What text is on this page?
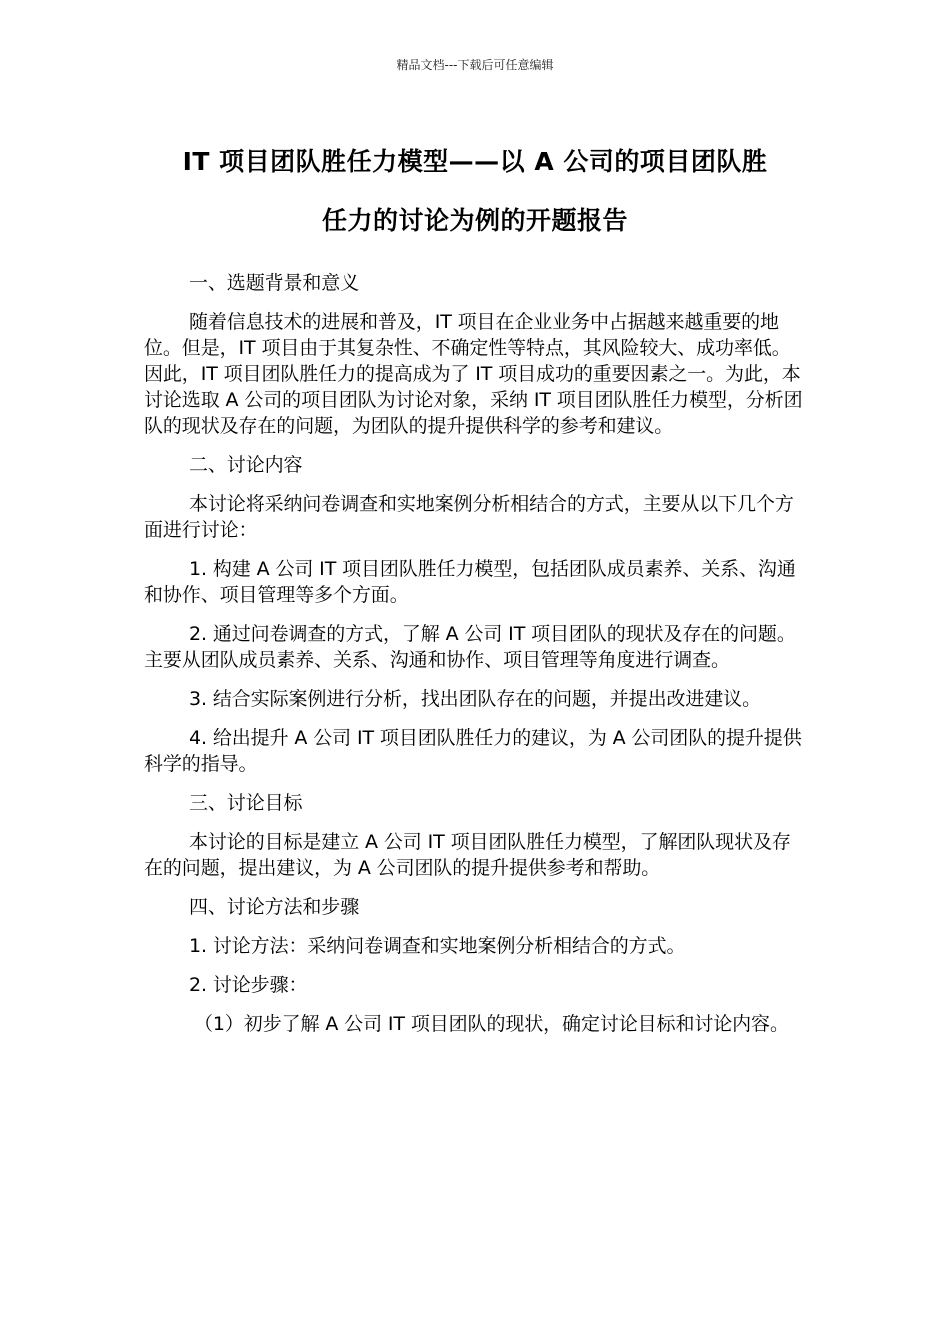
精品文档---下载后可任意编辑
IT 项目团队胜任力模型——以 A 公司的项目团队胜
任力的讨论为例的开题报告

一、选题背景和意义

随着信息技术的进展和普及，IT 项目在企业业务中占据越来越重要的地位。但是，IT 项目由于其复杂性、不确定性等特点，其风险较大、成功率低。因此，IT 项目团队胜任力的提高成为了 IT 项目成功的重要因素之一。为此，本讨论选取 A 公司的项目团队为讨论对象，采纳 IT 项目团队胜任力模型，分析团队的现状及存在的问题，为团队的提升提供科学的参考和建议。

二、讨论内容

本讨论将采纳问卷调查和实地案例分析相结合的方式，主要从以下几个方面进行讨论：

1. 构建 A 公司 IT 项目团队胜任力模型，包括团队成员素养、关系、沟通和协作、项目管理等多个方面。

2. 通过问卷调查的方式，了解 A 公司 IT 项目团队的现状及存在的问题。主要从团队成员素养、关系、沟通和协作、项目管理等角度进行调查。

3. 结合实际案例进行分析，找出团队存在的问题，并提出改进建议。

4. 给出提升 A 公司 IT 项目团队胜任力的建议，为 A 公司团队的提升提供科学的指导。

三、讨论目标

本讨论的目标是建立 A 公司 IT 项目团队胜任力模型，了解团队现状及存在的问题，提出建议，为 A 公司团队的提升提供参考和帮助。

四、讨论方法和步骤

1. 讨论方法：采纳问卷调查和实地案例分析相结合的方式。

2. 讨论步骤：

（1）初步了解 A 公司 IT 项目团队的现状，确定讨论目标和讨论内容。
